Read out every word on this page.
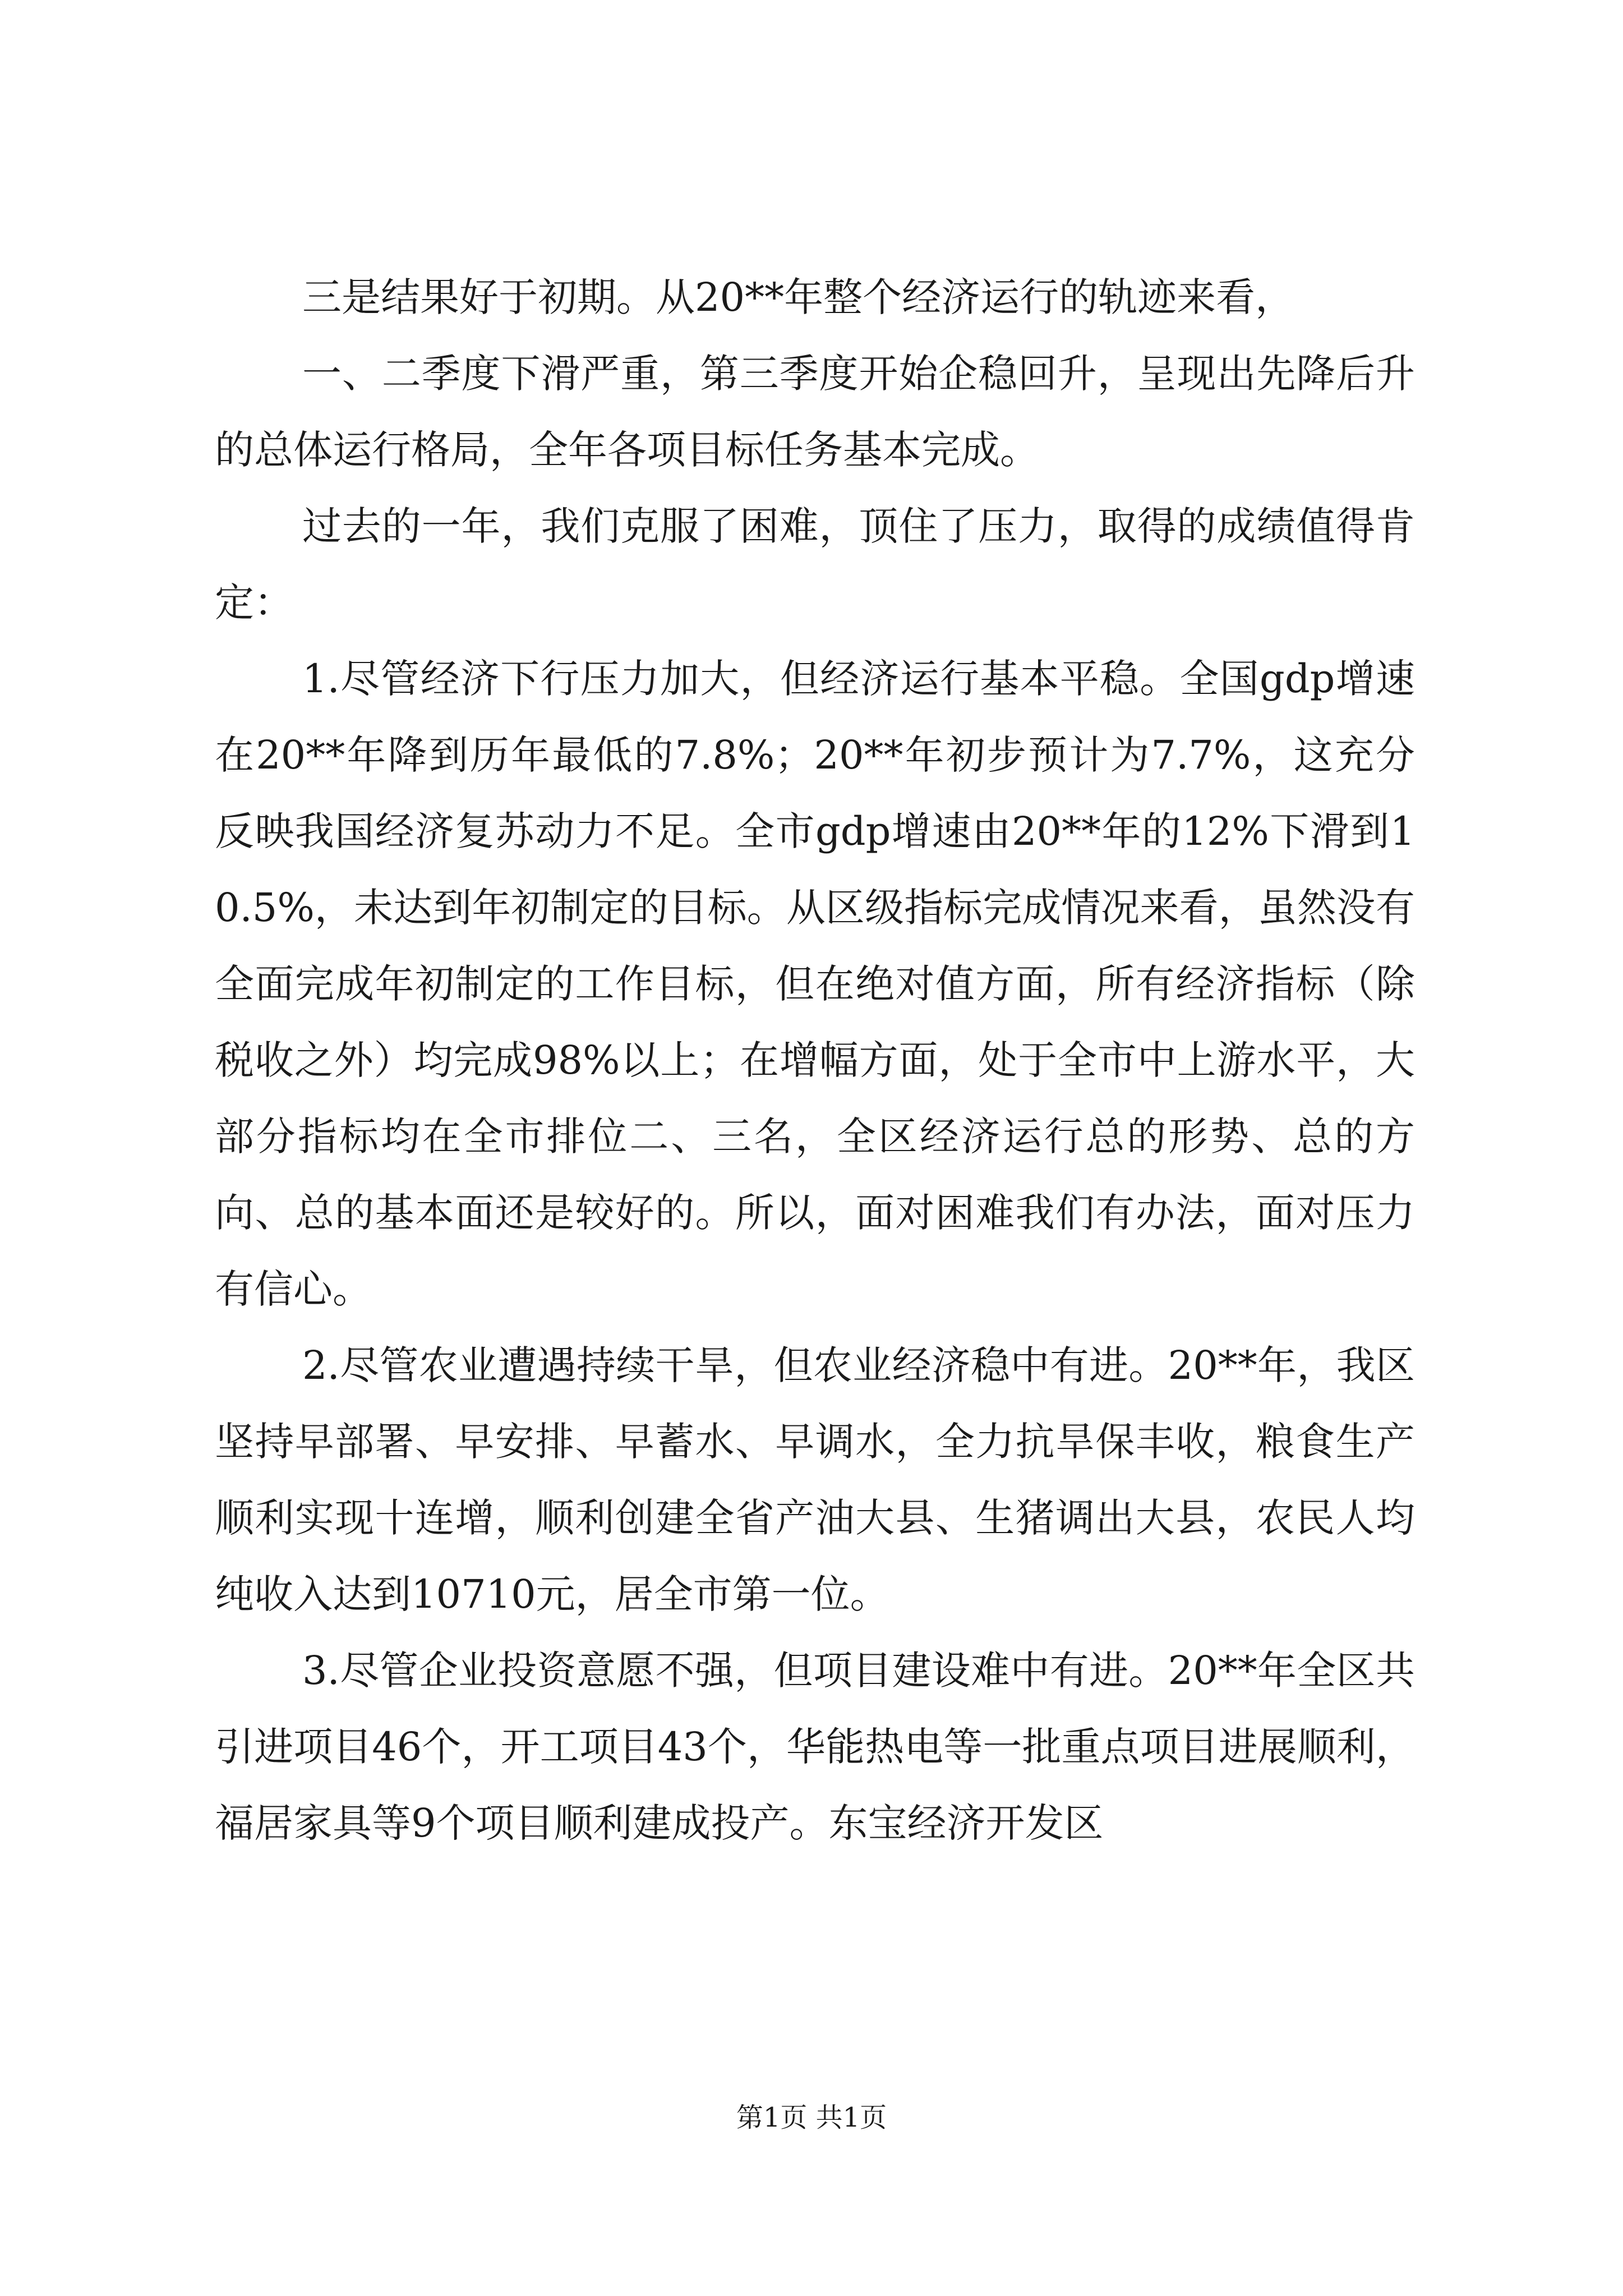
三是结果好于初期。从20**年整个经济运行的轨迹来看，

一、二季度下滑严重，第三季度开始企稳回升，呈现出先降后升的总体运行格局，全年各项目标任务基本完成。

过去的一年，我们克服了困难，顶住了压力，取得的成绩值得肯定：

1.尽管经济下行压力加大，但经济运行基本平稳。全国gdp增速在20**年降到历年最低的7.8%；20**年初步预计为7.7%，这充分反映我国经济复苏动力不足。全市gdp增速由20**年的12%下滑到10.5%，未达到年初制定的目标。从区级指标完成情况来看，虽然没有全面完成年初制定的工作目标，但在绝对值方面，所有经济指标（除税收之外）均完成98%以上；在增幅方面，处于全市中上游水平，大部分指标均在全市排位二、三名，全区经济运行总的形势、总的方向、总的基本面还是较好的。所以，面对困难我们有办法，面对压力有信心。

2.尽管农业遭遇持续干旱，但农业经济稳中有进。20**年，我区坚持早部署、早安排、早蓄水、早调水，全力抗旱保丰收，粮食生产顺利实现十连增，顺利创建全省产油大县、生猪调出大县，农民人均纯收入达到10710元，居全市第一位。

3.尽管企业投资意愿不强，但项目建设难中有进。20**年全区共引进项目46个，开工项目43个，华能热电等一批重点项目进展顺利，福居家具等9个项目顺利建成投产。东宝经济开发区

第1页 共1页
